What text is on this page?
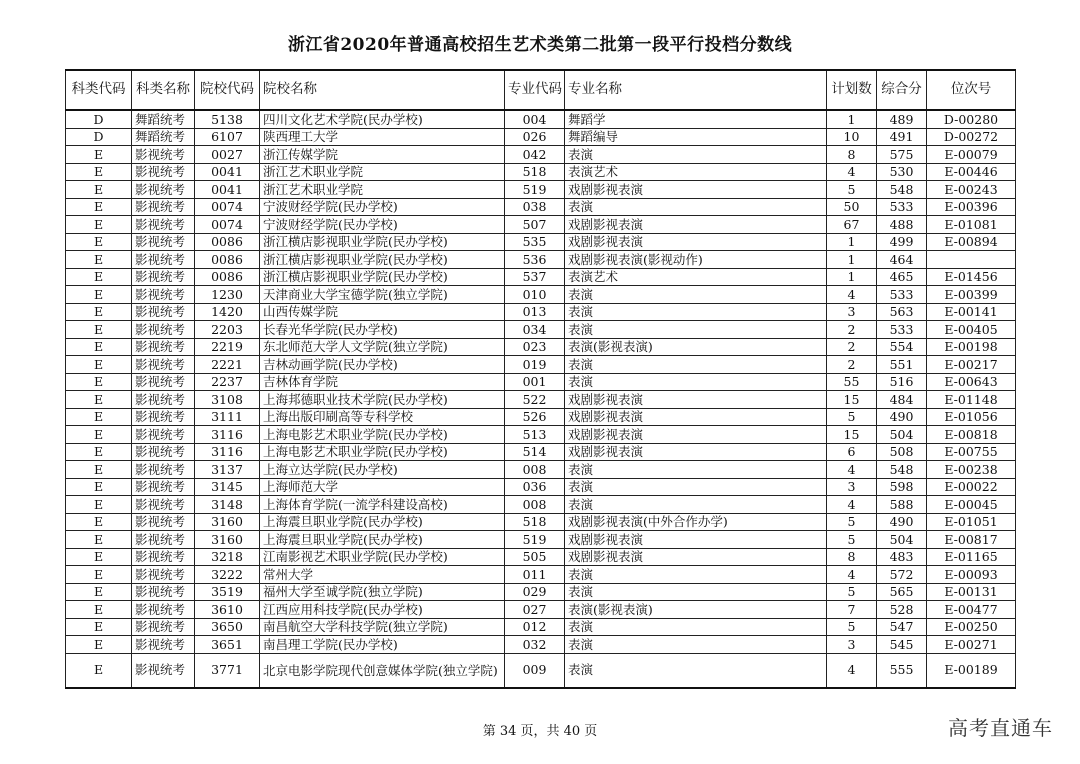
浙江省2020年普通高校招生艺术类第二批第一段平行投档分数线
科类代码	科类名称	院校代码	院校名称	专业代码	专业名称	计划数	综合分	位次号
D	舞蹈统考	5138	四川文化艺术学院(民办学校)	004	舞蹈学	1	489	D-00280
D	舞蹈统考	6107	陕西理工大学	026	舞蹈编导	10	491	D-00272
E	影视统考	0027	浙江传媒学院	042	表演	8	575	E-00079
E	影视统考	0041	浙江艺术职业学院	518	表演艺术	4	530	E-00446
E	影视统考	0041	浙江艺术职业学院	519	戏剧影视表演	5	548	E-00243
E	影视统考	0074	宁波财经学院(民办学校)	038	表演	50	533	E-00396
E	影视统考	0074	宁波财经学院(民办学校)	507	戏剧影视表演	67	488	E-01081
E	影视统考	0086	浙江横店影视职业学院(民办学校)	535	戏剧影视表演	1	499	E-00894
E	影视统考	0086	浙江横店影视职业学院(民办学校)	536	戏剧影视表演(影视动作)	1	464	
E	影视统考	0086	浙江横店影视职业学院(民办学校)	537	表演艺术	1	465	E-01456
E	影视统考	1230	天津商业大学宝德学院(独立学院)	010	表演	4	533	E-00399
E	影视统考	1420	山西传媒学院	013	表演	3	563	E-00141
E	影视统考	2203	长春光华学院(民办学校)	034	表演	2	533	E-00405
E	影视统考	2219	东北师范大学人文学院(独立学院)	023	表演(影视表演)	2	554	E-00198
E	影视统考	2221	吉林动画学院(民办学校)	019	表演	2	551	E-00217
E	影视统考	2237	吉林体育学院	001	表演	55	516	E-00643
E	影视统考	3108	上海邦德职业技术学院(民办学校)	522	戏剧影视表演	15	484	E-01148
E	影视统考	3111	上海出版印刷高等专科学校	526	戏剧影视表演	5	490	E-01056
E	影视统考	3116	上海电影艺术职业学院(民办学校)	513	戏剧影视表演	15	504	E-00818
E	影视统考	3116	上海电影艺术职业学院(民办学校)	514	戏剧影视表演	6	508	E-00755
E	影视统考	3137	上海立达学院(民办学校)	008	表演	4	548	E-00238
E	影视统考	3145	上海师范大学	036	表演	3	598	E-00022
E	影视统考	3148	上海体育学院(一流学科建设高校)	008	表演	4	588	E-00045
E	影视统考	3160	上海震旦职业学院(民办学校)	518	戏剧影视表演(中外合作办学)	5	490	E-01051
E	影视统考	3160	上海震旦职业学院(民办学校)	519	戏剧影视表演	5	504	E-00817
E	影视统考	3218	江南影视艺术职业学院(民办学校)	505	戏剧影视表演	8	483	E-01165
E	影视统考	3222	常州大学	011	表演	4	572	E-00093
E	影视统考	3519	福州大学至诚学院(独立学院)	029	表演	5	565	E-00131
E	影视统考	3610	江西应用科技学院(民办学校)	027	表演(影视表演)	7	528	E-00477
E	影视统考	3650	南昌航空大学科技学院(独立学院)	012	表演	5	547	E-00250
E	影视统考	3651	南昌理工学院(民办学校)	032	表演	3	545	E-00271
E	影视统考	3771	北京电影学院现代创意媒体学院(独立学院)	009	表演	4	555	E-00189
第 34 页，共 40 页	高考直通车
